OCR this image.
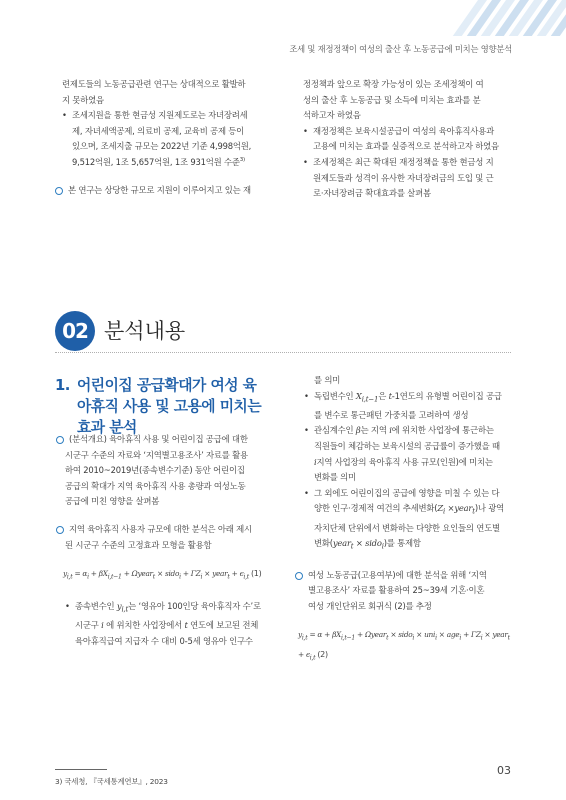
조세 및 재정정책이 여성의 출산 후 노동공급에 미치는 영향분석

련제도들의 노동공급관련 연구는 상대적으로 활발하

지 못하였음

• 조세지원을 통한 현금성 지원제도로는 자녀장려세

제, 자녀세액공제, 의료비 공제, 교육비 공제 등이

있으며, 조세지출 규모는 2022년 기준 4,998억원,

9,512억원, 1조 5,657억원, 1조 931억원 수준$^{3)}$

본 연구는 상당한 규모로 지원이 이루어지고 있는 재

정정책과 앞으로 확장 가능성이 있는 조세정책이 여

성의 출산 후 노동공급 및 소득에 미치는 효과를 분

석하고자 하였음

• 재정정책은 보육시설공급이 여성의 육아휴직사용과

고용에 미치는 효과를 실증적으로 분석하고자 하였음

• 조세정책은 최근 확대된 재정정책을 통한 현금성 지

원제도들과 성격이 유사한 자녀장려금의 도입 및 근

로·자녀장려금 확대효과를 살펴봄

02 분석내용
1. 어린이집 공급확대가 여성 육
아휴직 사용 및 고용에 미치는
효과 분석

(분석개요) 육아휴직 사용 및 어린이집 공급에 대한

시군구 수준의 자료와 ‘지역별고용조사’ 자료를 활용

하여 2010~2019년(종속변수기준) 동안 어린이집

공급의 확대가 지역 육아휴직 사용 총량과 여성노동

공급에 미친 영향을 살펴봄

지역 육아휴직 사용자 규모에 대한 분석은 아래 제시

된 시군구 수준의 고정효과 모형을 활용함

$y_{i,t} = \alpha_i + \beta X_{i,t-1}$ + Ωyear$_t$ × sido$_i$ + $\Gamma Z_i$ × year$_t$ + $\epsilon_{i,t}$ (1)

• 종속변수인 $y_{i,t}$는 ‘영유아 100인당 육아휴직자 수’로

시군구 i 에 위치한 사업장에서 t 연도에 보고된 전체

육아휴직급여 지급자 수 대비 0-5세 영유아 인구수

를 의미

• 독립변수인 $X_{i,t-1}$은 t-1연도의 유형별 어린이집 공급

를 변수로 통근패턴 가중치를 고려하여 생성

• 관심계수인 β는 지역 i에 위치한 사업장에 통근하는

직원들이 체감하는 보육시설의 공급률이 증가했을 때

i지역 사업장의 육아휴직 사용 규모(인원)에 미치는

변화를 의미

• 그 외에도 어린이집의 공급에 영향을 미칠 수 있는 다

양한 인구·경제적 여건의 추세변화($Z_i$ ×year$_t$)나 광역

자치단체 단위에서 변화하는 다양한 요인들의 연도별

변화(year$_t$ × sido$_i$)를 통제함

여성 노동공급(고용여부)에 대한 분석을 위해 ‘지역

별고용조사’ 자료를 활용하여 25~39세 기혼·이혼

여성 개인단위로 회귀식 (2)를 추정

$y_{i,t} = \alpha + \beta X_{i,t-1}$ + Ωyear$_t$ × sido$_i$ × $uni_i \times age_i + \Gamma Z_i$ × year$_t$
+ $\epsilon_{i,t}$ (2)
3) 국세청, 『국세통계연보』, 2023
03
